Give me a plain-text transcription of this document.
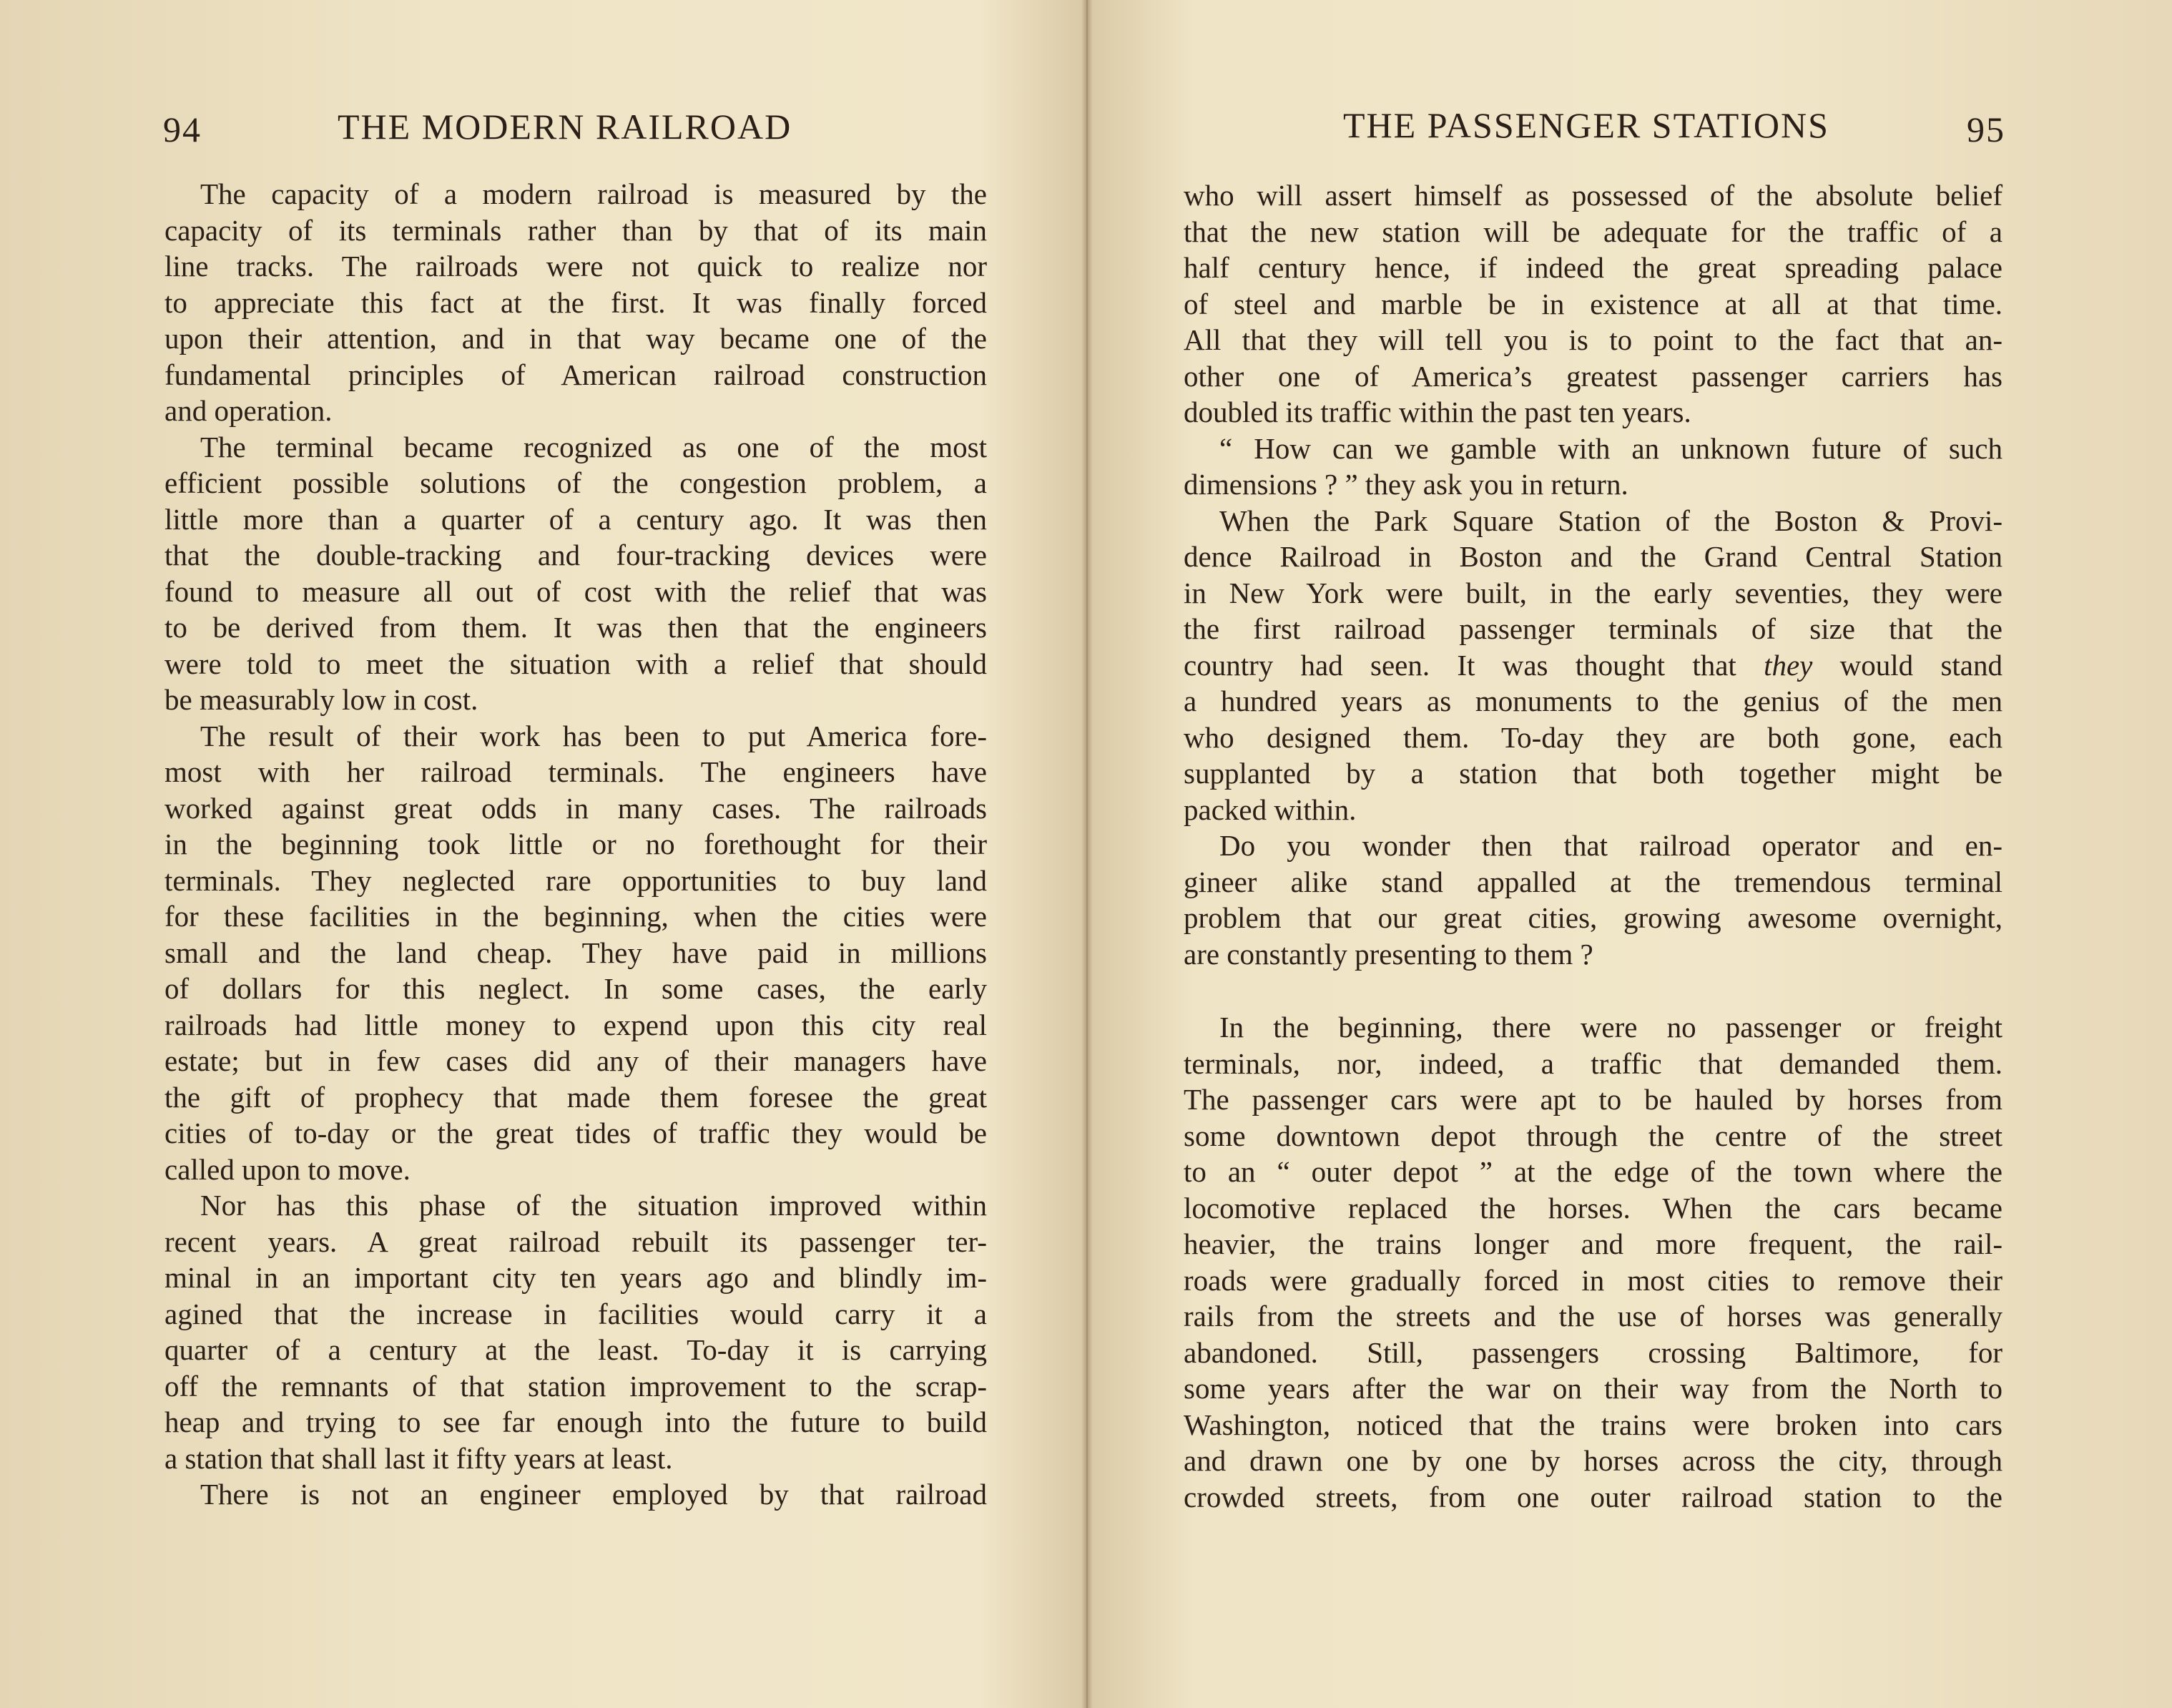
94	THE MODERN RAILROAD
The capacity of a modern railroad is measured by the
capacity of its terminals rather than by that of its main
line tracks. The railroads were not quick to realize nor
to appreciate this fact at the first. It was finally forced
upon their attention, and in that way became one of the
fundamental principles of American railroad construction
and operation.
The terminal became recognized as one of the most
efficient possible solutions of the congestion problem, a
little more than a quarter of a century ago. It was then
that the double-tracking and four-tracking devices were
found to measure all out of cost with the relief that was
to be derived from them. It was then that the engineers
were told to meet the situation with a relief that should
be measurably low in cost.
The result of their work has been to put America fore-
most with her railroad terminals. The engineers have
worked against great odds in many cases. The railroads
in the beginning took little or no forethought for their
terminals. They neglected rare opportunities to buy land
for these facilities in the beginning, when the cities were
small and the land cheap. They have paid in millions
of dollars for this neglect. In some cases, the early
railroads had little money to expend upon this city real
estate; but in few cases did any of their managers have
the gift of prophecy that made them foresee the great
cities of to-day or the great tides of traffic they would be
called upon to move.
Nor has this phase of the situation improved within
recent years. A great railroad rebuilt its passenger ter-
minal in an important city ten years ago and blindly im-
agined that the increase in facilities would carry it a
quarter of a century at the least. To-day it is carrying
off the remnants of that station improvement to the scrap-
heap and trying to see far enough into the future to build
a station that shall last it fifty years at least.
There is not an engineer employed by that railroad
THE PASSENGER STATIONS	95
who will assert himself as possessed of the absolute belief
that the new station will be adequate for the traffic of a
half century hence, if indeed the great spreading palace
of steel and marble be in existence at all at that time.
All that they will tell you is to point to the fact that an-
other one of America’s greatest passenger carriers has
doubled its traffic within the past ten years.
“ How can we gamble with an unknown future of such
dimensions ? ” they ask you in return.
When the Park Square Station of the Boston & Provi-
dence Railroad in Boston and the Grand Central Station
in New York were built, in the early seventies, they were
the first railroad passenger terminals of size that the
country had seen. It was thought that they would stand
a hundred years as monuments to the genius of the men
who designed them. To-day they are both gone, each
supplanted by a station that both together might be
packed within.
Do you wonder then that railroad operator and en-
gineer alike stand appalled at the tremendous terminal
problem that our great cities, growing awesome overnight,
are constantly presenting to them ?
In the beginning, there were no passenger or freight
terminals, nor, indeed, a traffic that demanded them.
The passenger cars were apt to be hauled by horses from
some downtown depot through the centre of the street
to an “ outer depot ” at the edge of the town where the
locomotive replaced the horses. When the cars became
heavier, the trains longer and more frequent, the rail-
roads were gradually forced in most cities to remove their
rails from the streets and the use of horses was generally
abandoned. Still, passengers crossing Baltimore, for
some years after the war on their way from the North to
Washington, noticed that the trains were broken into cars
and drawn one by one by horses across the city, through
crowded streets, from one outer railroad station to the
